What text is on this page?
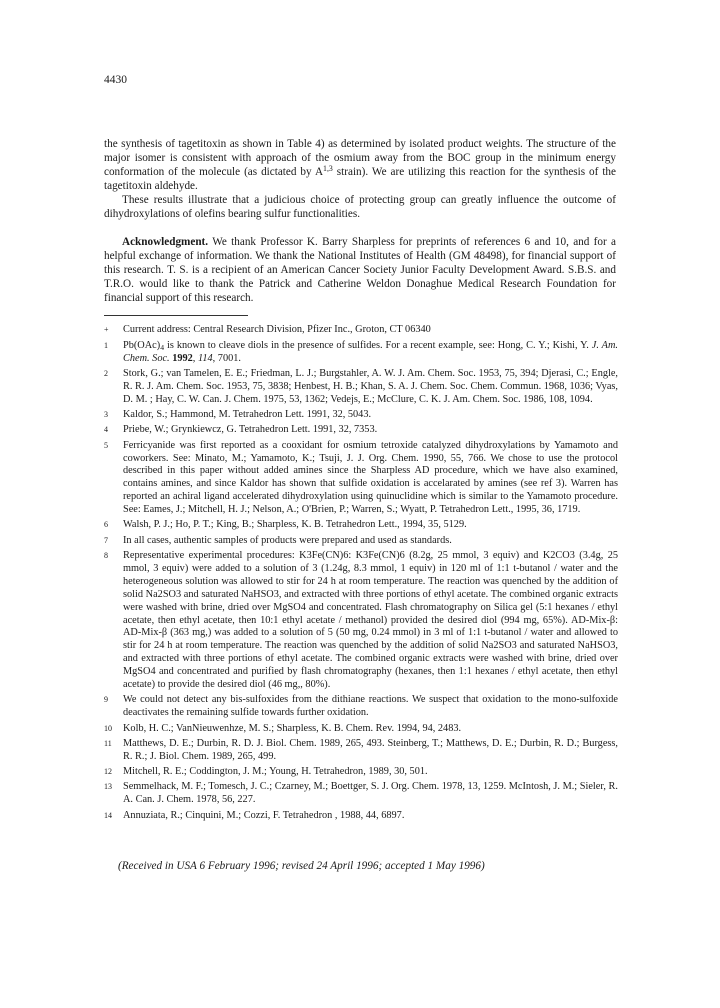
4430

the synthesis of tagetitoxin as shown in Table 4) as determined by isolated product weights. The structure of the major isomer is consistent with approach of the osmium away from the BOC group in the minimum energy conformation of the molecule (as dictated by A$^{1,3}$ strain). We are utilizing this reaction for the synthesis of the tagetitoxin aldehyde.

These results illustrate that a judicious choice of protecting group can greatly influence the outcome of dihydroxylations of olefins bearing sulfur functionalities.

Acknowledgment. We thank Professor K. Barry Sharpless for preprints of references 6 and 10, and for a helpful exchange of information. We thank the National Institutes of Health (GM 48498), for financial support of this research. T. S. is a recipient of an American Cancer Society Junior Faculty Development Award. S.B.S. and T.R.O. would like to thank the Patrick and Catherine Weldon Donaghue Medical Research Foundation for financial support of this research.

+	Current address: Central Research Division, Pfizer Inc., Groton, CT 06340
1	$Pb(OAc)_4$ is known to cleave diols in the presence of sulfides. For a recent example, see: Hong, C. Y.; Kishi, Y. J. Am. Chem. Soc. 1992, 114, 7001.
2	Stork, G.; van Tamelen, E. E.; Friedman, L. J.; Burgstahler, A. W. J. Am. Chem. Soc. 1953, 75, 394; Djerasi, C.; Engle, R. R. J. Am. Chem. Soc. 1953, 75, 3838; Henbest, H. B.; Khan, S. A. J. Chem. Soc. Chem. Commun. 1968, 1036; Vyas, D. M. ; Hay, C. W. Can. J. Chem. 1975, 53, 1362; Vedejs, E.; McClure, C. K. J. Am. Chem. Soc. 1986, 108, 1094.
3	Kaldor, S.; Hammond, M. Tetrahedron Lett. 1991, 32, 5043.
4	Priebe, W.; Grynkiewcz, G. Tetrahedron Lett. 1991, 32, 7353.
5	Ferricyanide was first reported as a cooxidant for osmium tetroxide catalyzed dihydroxylations by Yamamoto and coworkers. See: Minato, M.; Yamamoto, K.; Tsuji, J. J. Org. Chem. 1990, 55, 766. We chose to use the protocol described in this paper without added amines since the Sharpless AD procedure, which we have also examined, contains amines, and since Kaldor has shown that sulfide oxidation is accelarated by amines (see ref 3). Warren has reported an achiral ligand accelerated dihydroxylation using quinuclidine which is similar to the Yamamoto procedure. See: Eames, J.; Mitchell, H. J.; Nelson, A.; O'Brien, P.; Warren, S.; Wyatt, P. Tetrahedron Lett., 1995, 36, 1719.
6	Walsh, P. J.; Ho, P. T.; King, B.; Sharpless, K. B. Tetrahedron Lett., 1994, 35, 5129.
7	In all cases, authentic samples of products were prepared and used as standards.
8	Representative experimental procedures: K3Fe(CN)6: K3Fe(CN)6 (8.2g, 25 mmol, 3 equiv) and K2CO3 (3.4g, 25 mmol, 3 equiv) were added to a solution of 3 (1.24g, 8.3 mmol, 1 equiv) in 120 ml of 1:1 t-butanol / water and the heterogeneous solution was allowed to stir for 24 h at room temperature. The reaction was quenched by the addition of solid Na2SO3 and saturated NaHSO3, and extracted with three portions of ethyl acetate. The combined organic extracts were washed with brine, dried over MgSO4 and concentrated. Flash chromatography on Silica gel (5:1 hexanes / ethyl acetate, then ethyl acetate, then 10:1 ethyl acetate / methanol) provided the desired diol (994 mg, 65%). AD-Mix-β: AD-Mix-β (363 mg,) was added to a solution of 5 (50 mg, 0.24 mmol) in 3 ml of 1:1 t-butanol / water and allowed to stir for 24 h at room temperature. The reaction was quenched by the addition of solid Na2SO3 and saturated NaHSO3, and extracted with three portions of ethyl acetate. The combined organic extracts were washed with brine, dried over MgSO4 and concentrated and purified by flash chromatography (hexanes, then 1:1 hexanes / ethyl acetate, then ethyl acetate) to provide the desired diol (46 mg,, 80%).
9	We could not detect any bis-sulfoxides from the dithiane reactions. We suspect that oxidation to the mono-sulfoxide deactivates the remaining sulfide towards further oxidation.
10	Kolb, H. C.; VanNieuwenhze, M. S.; Sharpless, K. B. Chem. Rev. 1994, 94, 2483.
11	Matthews, D. E.; Durbin, R. D. J. Biol. Chem. 1989, 265, 493. Steinberg, T.; Matthews, D. E.; Durbin, R. D.; Burgess, R. R.; J. Biol. Chem. 1989, 265, 499.
12	Mitchell, R. E.; Coddington, J. M.; Young, H. Tetrahedron, 1989, 30, 501.
13	Semmelhack, M. F.; Tomesch, J. C.; Czarney, M.; Boettger, S. J. Org. Chem. 1978, 13, 1259. McIntosh, J. M.; Sieler, R. A. Can. J. Chem. 1978, 56, 227.
14	Annuziata, R.; Cinquini, M.; Cozzi, F. Tetrahedron , 1988, 44, 6897.
(Received in USA 6 February 1996; revised 24 April 1996; accepted 1 May 1996)
